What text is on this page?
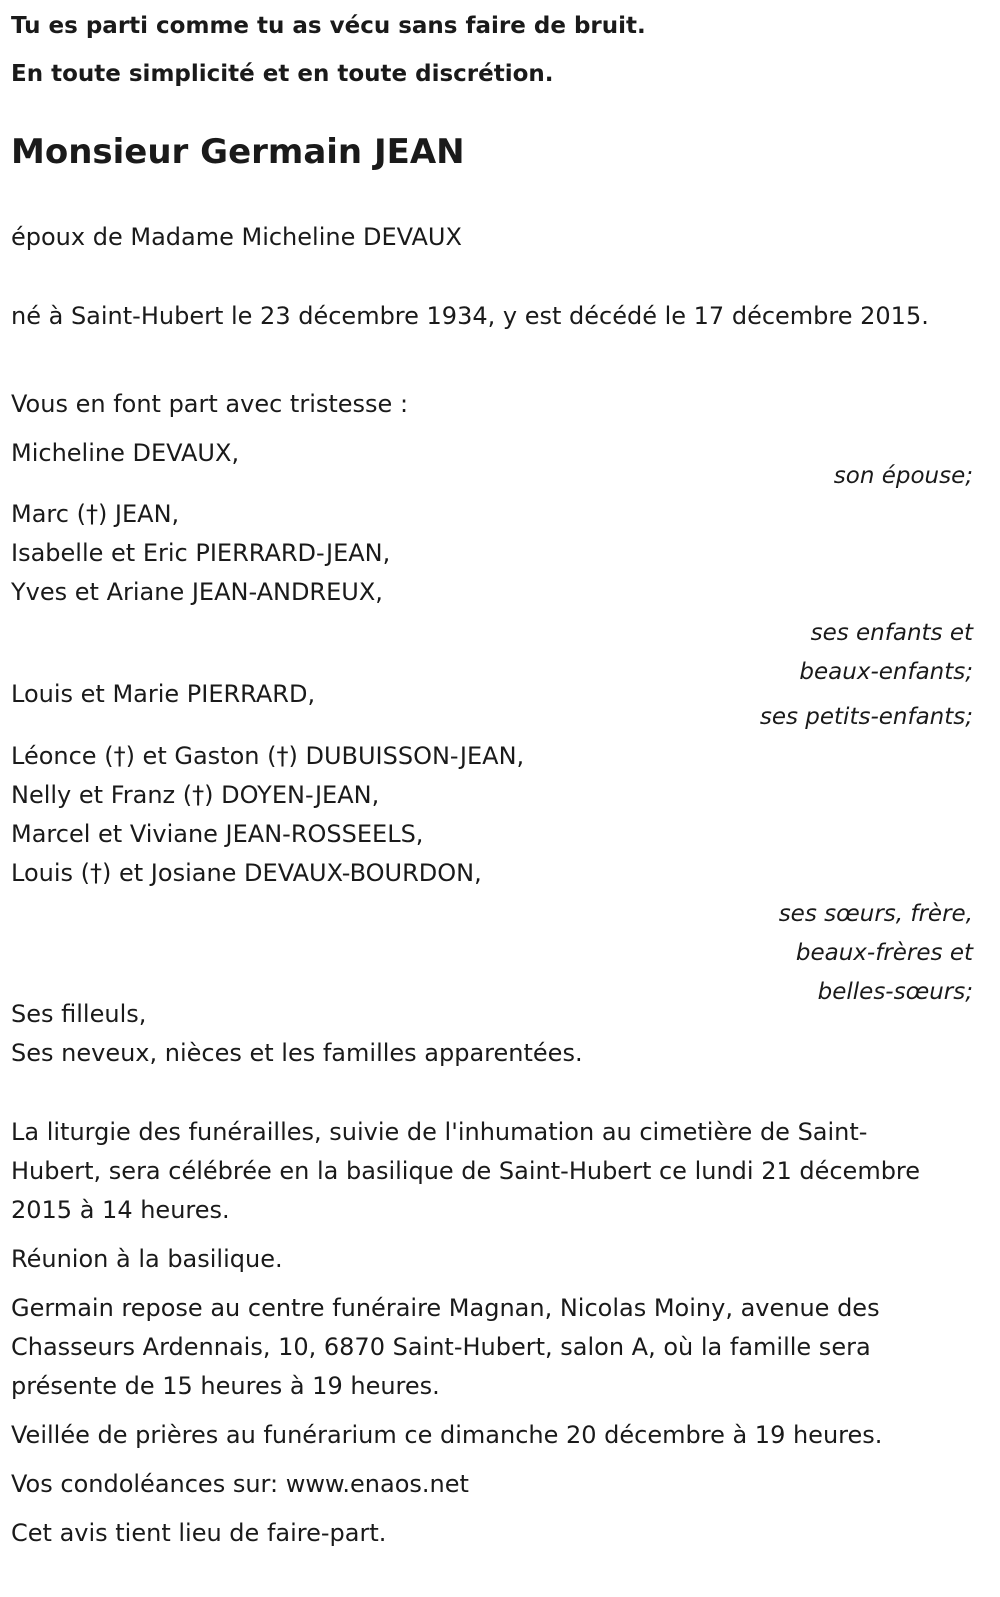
Tu es parti comme tu as vécu sans faire de bruit.

En toute simplicité et en toute discrétion.

Monsieur Germain JEAN

époux de Madame Micheline DEVAUX

né à Saint-Hubert le 23 décembre 1934, y est décédé le 17 décembre 2015.

Vous en font part avec tristesse :

Micheline DEVAUX,

son épouse;

Marc (†) JEAN,

Isabelle et Eric PIERRARD-JEAN,

Yves et Ariane JEAN-ANDREUX,

ses enfants et

beaux-enfants;

Louis et Marie PIERRARD,

ses petits-enfants;

Léonce (†) et Gaston (†) DUBUISSON-JEAN,

Nelly et Franz (†) DOYEN-JEAN,

Marcel et Viviane JEAN-ROSSEELS,

Louis (†) et Josiane DEVAUX-BOURDON,

ses sœurs, frère,

beaux-frères et

belles-sœurs;

Ses filleuls,

Ses neveux, nièces et les familles apparentées.

La liturgie des funérailles, suivie de l'inhumation au cimetière de Saint-Hubert, sera célébrée en la basilique de Saint-Hubert ce lundi 21 décembre 2015 à 14 heures.

Réunion à la basilique.

Germain repose au centre funéraire Magnan, Nicolas Moiny, avenue des Chasseurs Ardennais, 10, 6870 Saint-Hubert, salon A, où la famille sera présente de 15 heures à 19 heures.

Veillée de prières au funérarium ce dimanche 20 décembre à 19 heures.

Vos condoléances sur: www.enaos.net

Cet avis tient lieu de faire-part.
